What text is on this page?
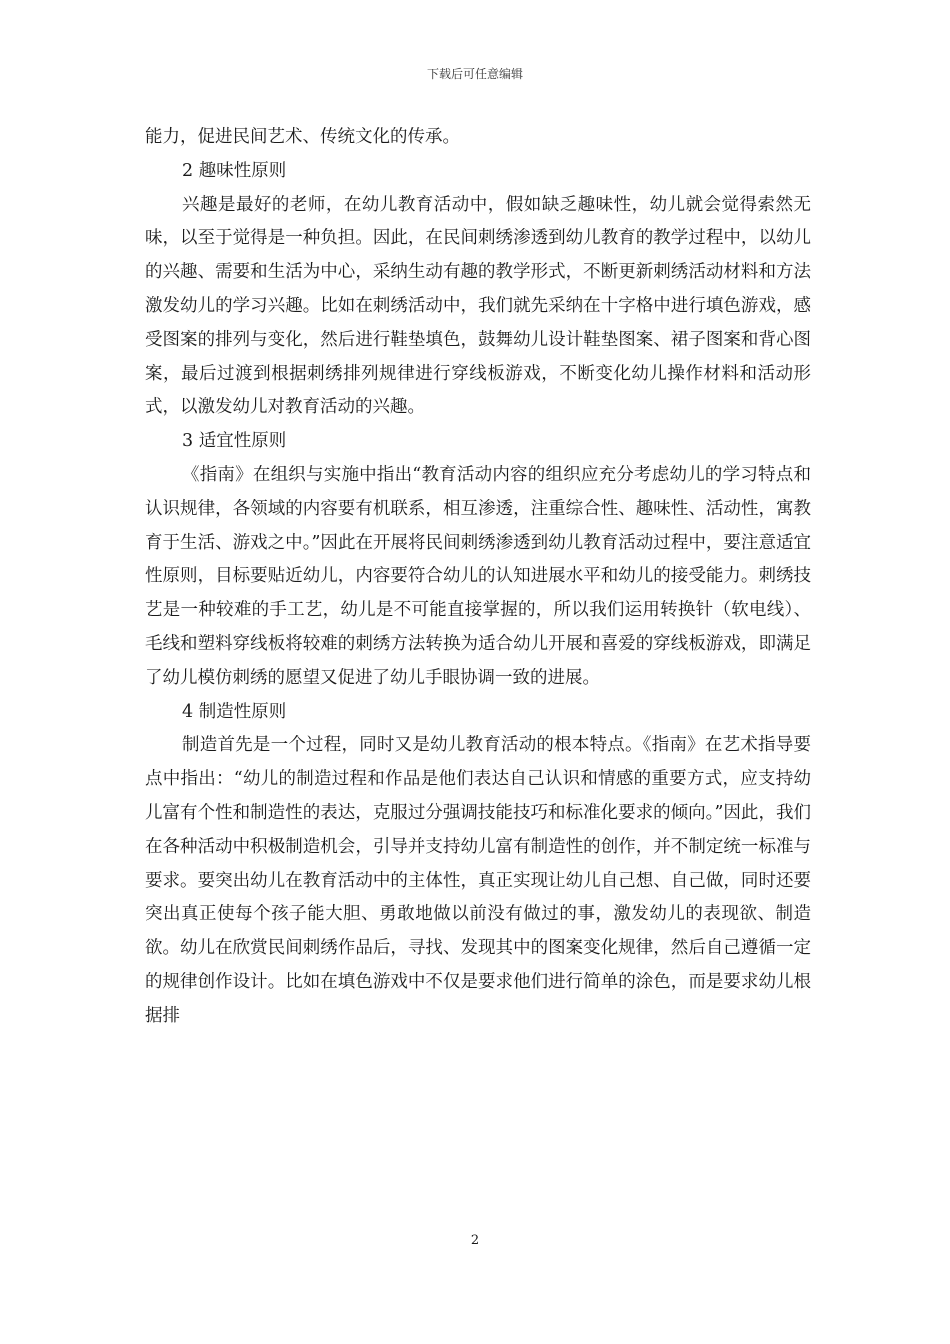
下载后可任意编辑

能力，促进民间艺术、传统文化的传承。

2 趣味性原则

兴趣是最好的老师，在幼儿教育活动中，假如缺乏趣味性，幼儿就会觉得索然无味，以至于觉得是一种负担。因此，在民间刺绣渗透到幼儿教育的教学过程中，以幼儿的兴趣、需要和生活为中心，采纳生动有趣的教学形式，不断更新刺绣活动材料和方法激发幼儿的学习兴趣。比如在刺绣活动中，我们就先采纳在十字格中进行填色游戏，感受图案的排列与变化，然后进行鞋垫填色，鼓舞幼儿设计鞋垫图案、裙子图案和背心图案，最后过渡到根据刺绣排列规律进行穿线板游戏，不断变化幼儿操作材料和活动形式，以激发幼儿对教育活动的兴趣。

3 适宜性原则

《指南》在组织与实施中指出“教育活动内容的组织应充分考虑幼儿的学习特点和认识规律，各领域的内容要有机联系，相互渗透，注重综合性、趣味性、活动性，寓教育于生活、游戏之中。”因此在开展将民间刺绣渗透到幼儿教育活动过程中，要注意适宜性原则，目标要贴近幼儿，内容要符合幼儿的认知进展水平和幼儿的接受能力。刺绣技艺是一种较难的手工艺，幼儿是不可能直接掌握的，所以我们运用转换针（软电线）、毛线和塑料穿线板将较难的刺绣方法转换为适合幼儿开展和喜爱的穿线板游戏，即满足了幼儿模仿刺绣的愿望又促进了幼儿手眼协调一致的进展。

4 制造性原则

制造首先是一个过程，同时又是幼儿教育活动的根本特点。《指南》在艺术指导要点中指出：“幼儿的制造过程和作品是他们表达自己认识和情感的重要方式，应支持幼儿富有个性和制造性的表达，克服过分强调技能技巧和标准化要求的倾向。”因此，我们在各种活动中积极制造机会，引导并支持幼儿富有制造性的创作，并不制定统一标准与要求。要突出幼儿在教育活动中的主体性，真正实现让幼儿自己想、自己做，同时还要突出真正使每个孩子能大胆、勇敢地做以前没有做过的事，激发幼儿的表现欲、制造欲。幼儿在欣赏民间刺绣作品后，寻找、发现其中的图案变化规律，然后自己遵循一定的规律创作设计。比如在填色游戏中不仅是要求他们进行简单的涂色，而是要求幼儿根据排

2
